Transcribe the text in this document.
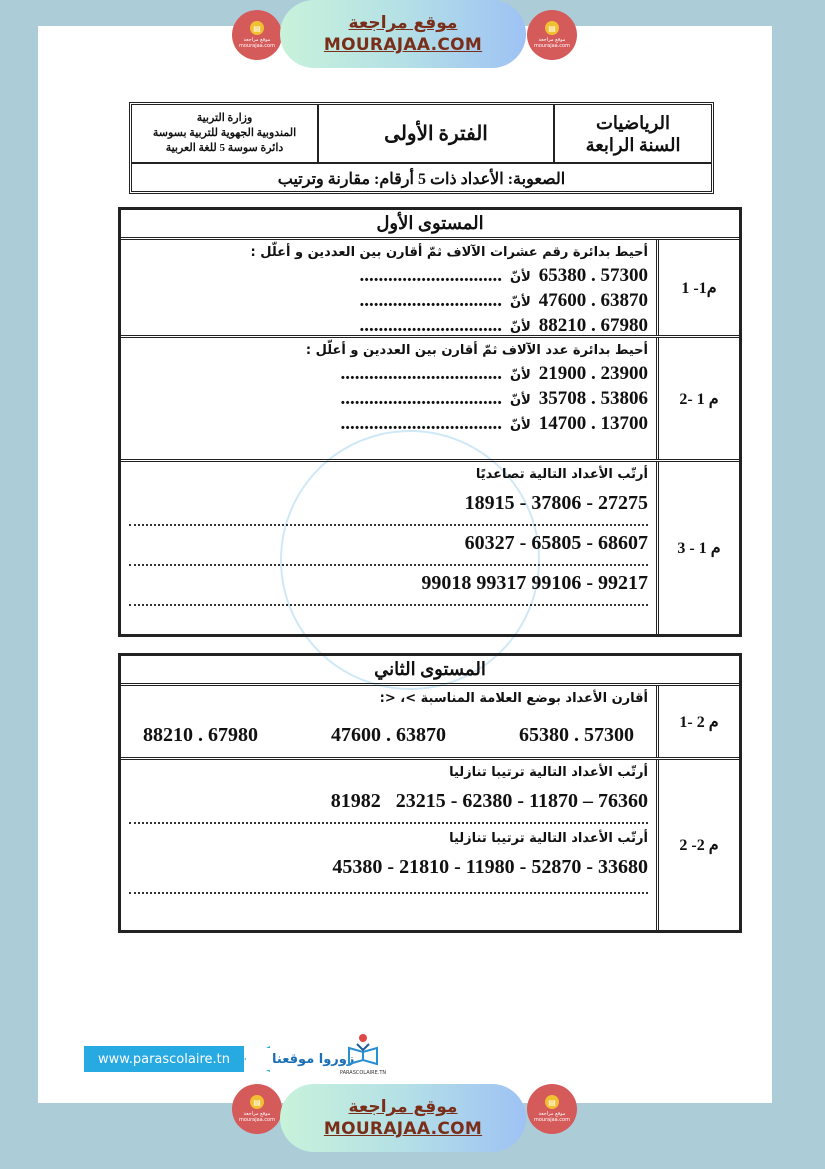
▤
موقع مراجعة mourajaa.com
موقع مراجعة
MOURAJAA.COM
▤
موقع مراجعة mourajaa.com
وزارة التربية
المندوبية الجهوية للتربية بسوسة
دائرة سوسة 5 للغة العربية
الفترة الأولى
الرياضيات
السنة الرابعة
الصعوبة: الأعداد ذات 5 أرقام: مقارنة وترتيب
المستوى الأول
أحيط بدائرة رقم عشرات الآلاف ثمّ أقارن بين العددين و أعلّل :
57300 . 65380لأنّ..............................
63870 . 47600لأنّ..............................
67980 . 88210لأنّ..............................
م1- 1
أحيط بدائرة عدد الآلاف ثمّ أقارن بين العددين و أعلّل :
23900 . 21900لأنّ..................................
53806 . 35708لأنّ..................................
13700 . 14700لأنّ..................................
م 1 -2
أرتّب الأعداد التالية تصاعديًا
27275 - 37806 - 18915
68607 - 65805 - 60327
99217 - 99106 99317 99018
م 1 - 3
المستوى الثاني
أقارن الأعداد بوضع العلامة المناسبة >، <:
57300 . 65380
63870 . 47600
67980 . 88210
م 2 -1
أرتّب الأعداد التالية ترتيبا تنازليا
76360 – 11870 - 62380 - 23215   81982
أرتّب الأعداد التالية ترتيبا تنازليا
33680 - 52870 - 11980 - 21810 - 45380
م 2- 2
www.parascolaire.tn	زوروا موقعنا
PARASCOLAIRE.TN
▤
موقع مراجعة mourajaa.com
موقع مراجعة
MOURAJAA.COM
▤
موقع مراجعة mourajaa.com
